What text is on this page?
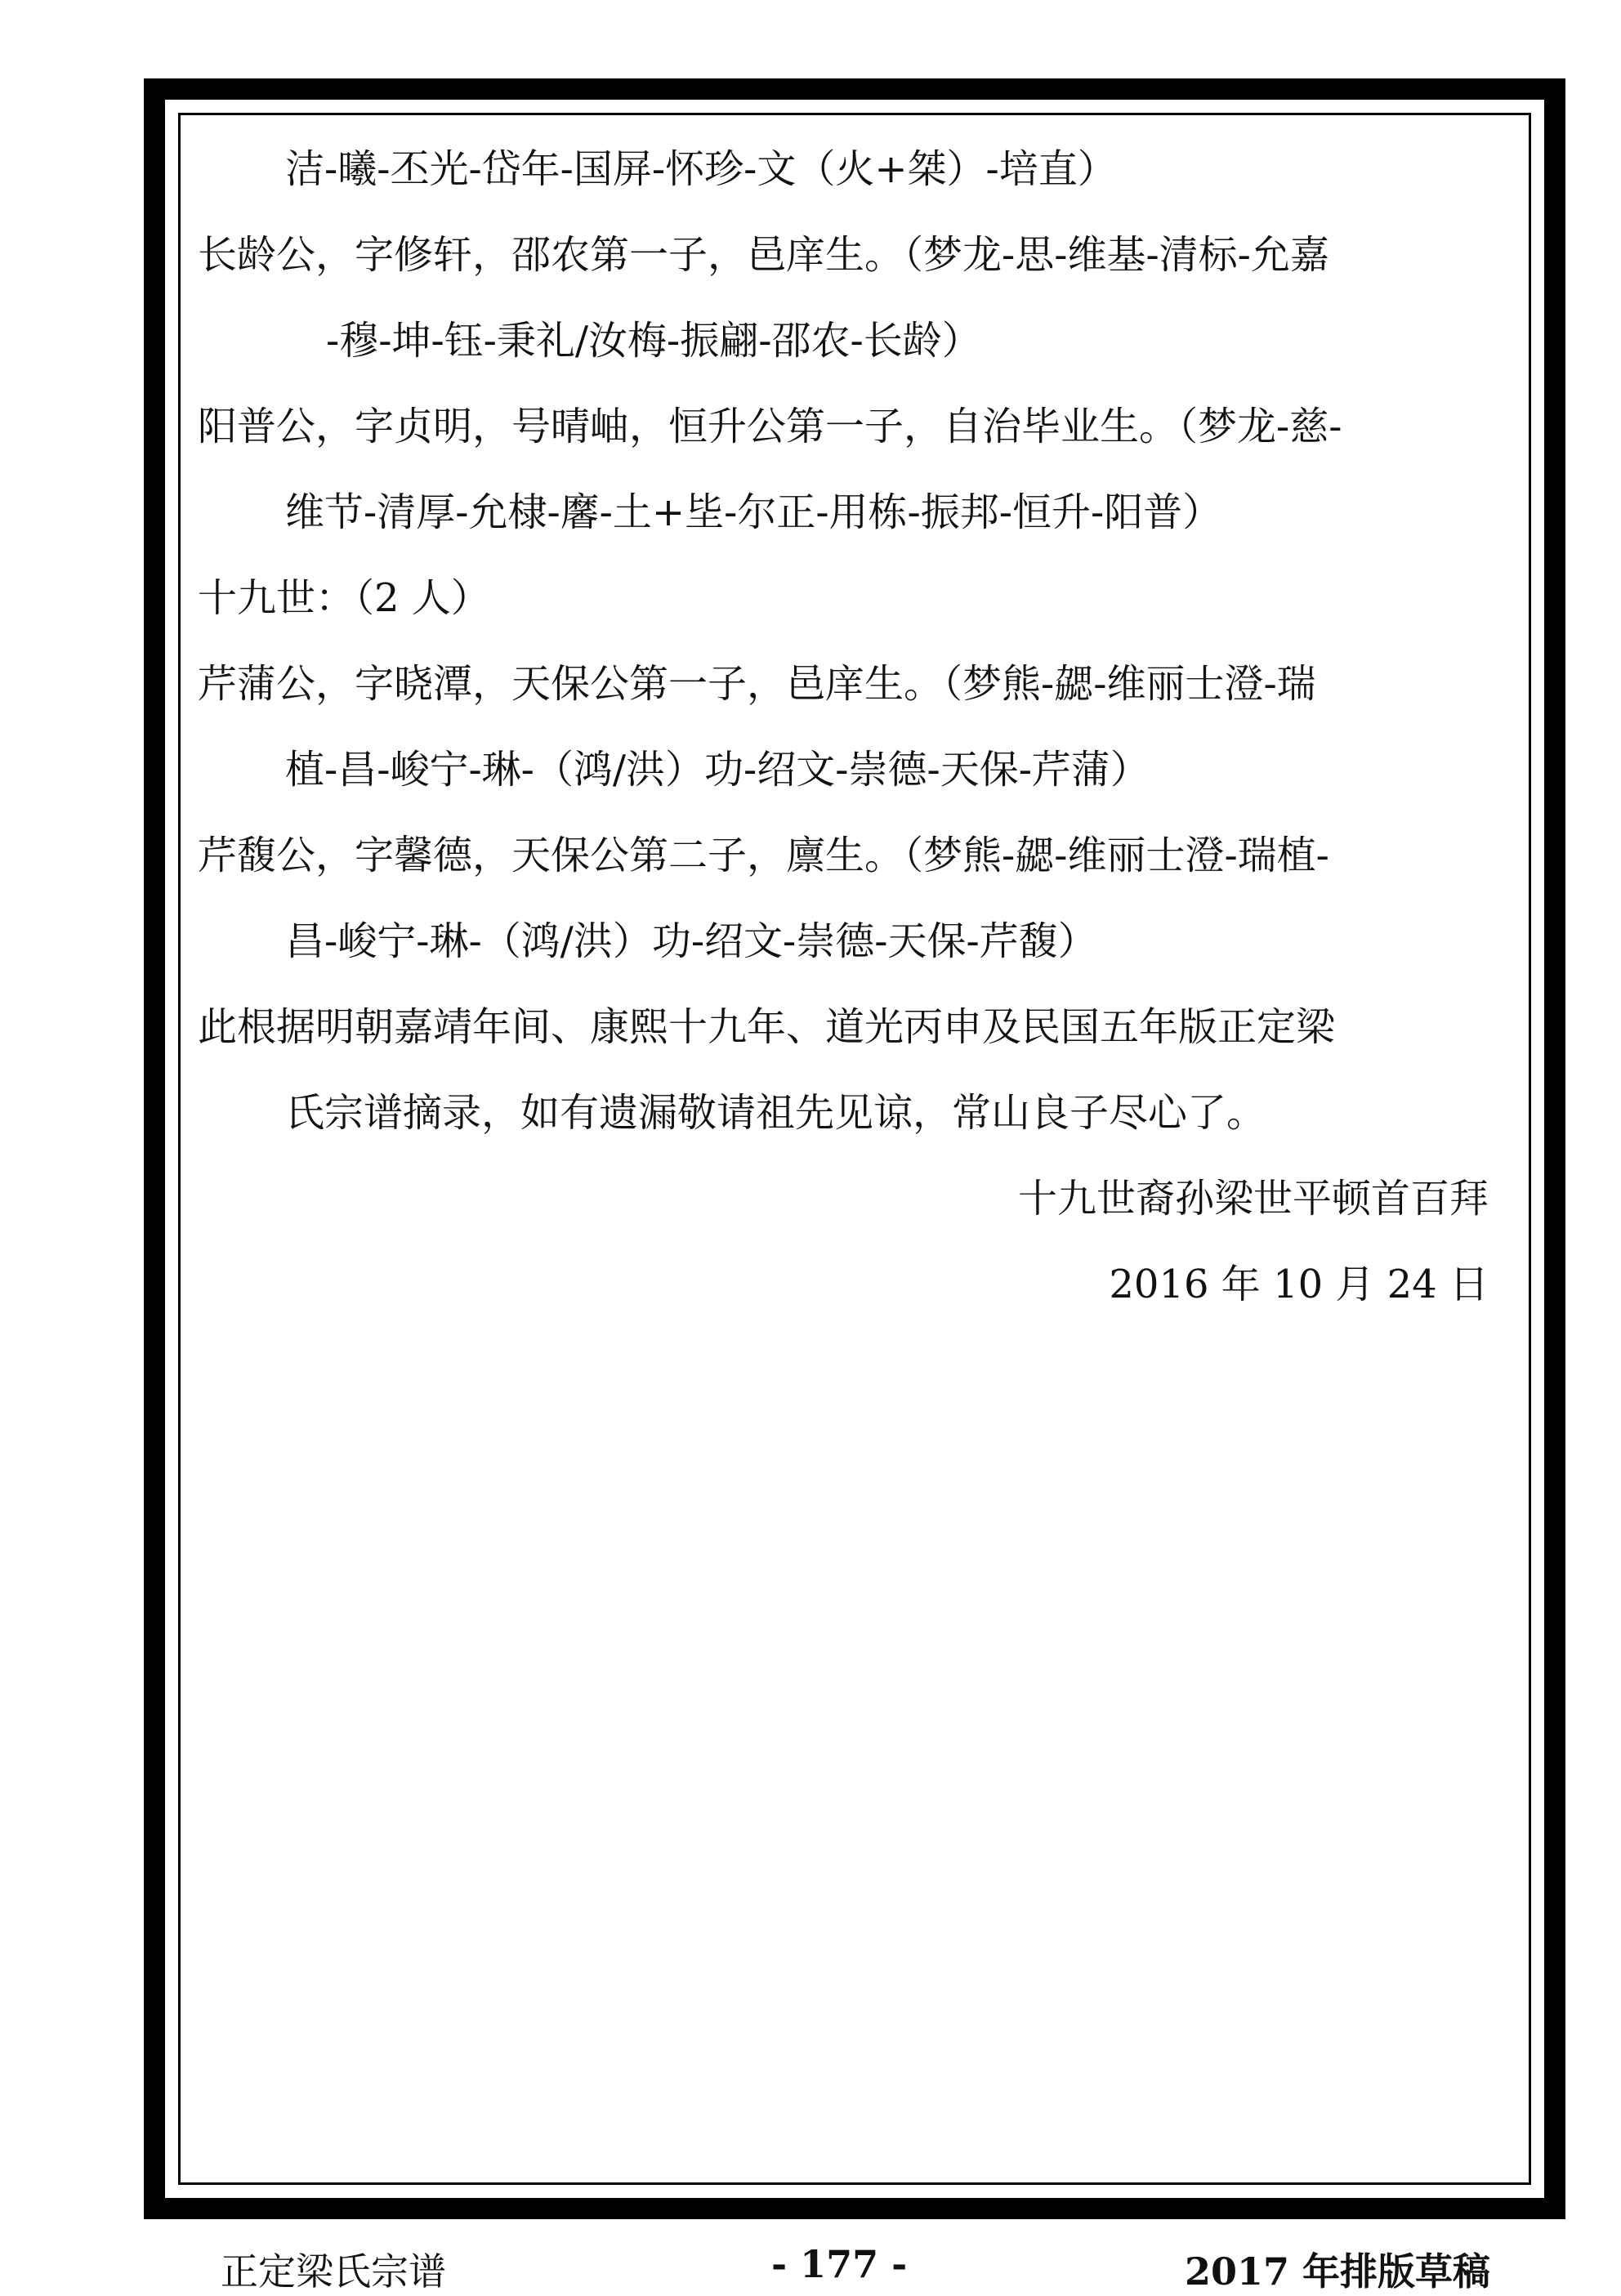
洁-曦-丕光-岱年-国屏-怀珍-文（火+桀）-培直）
长龄公，字修轩，邵农第一子，邑庠生。（梦龙-思-维基-清标-允嘉
-穆-坤-钰-秉礼/汝梅-振翩-邵农-长龄）
阳普公，字贞明，号晴岫，恒升公第一子，自治毕业生。（梦龙-慈-
维节-清厚-允棣-黁-土+坒-尔正-用栋-振邦-恒升-阳普）
十九世：（2 人）
芹蒲公，字晓潭，天保公第一子，邑庠生。（梦熊-勰-维丽士澄-瑞
植-昌-峻宁-琳-（鸿/洪）功-绍文-崇德-天保-芹蒲）
芹馥公，字馨德，天保公第二子，廪生。（梦熊-勰-维丽士澄-瑞植-
昌-峻宁-琳-（鸿/洪）功-绍文-崇德-天保-芹馥）
此根据明朝嘉靖年间、康熙十九年、道光丙申及民国五年版正定梁
氏宗谱摘录，如有遗漏敬请祖先见谅，常山良子尽心了。
十九世裔孙梁世平顿首百拜
2016 年 10 月 24 日
正定梁氏宗谱	- 177 -	2017 年排版草稿
